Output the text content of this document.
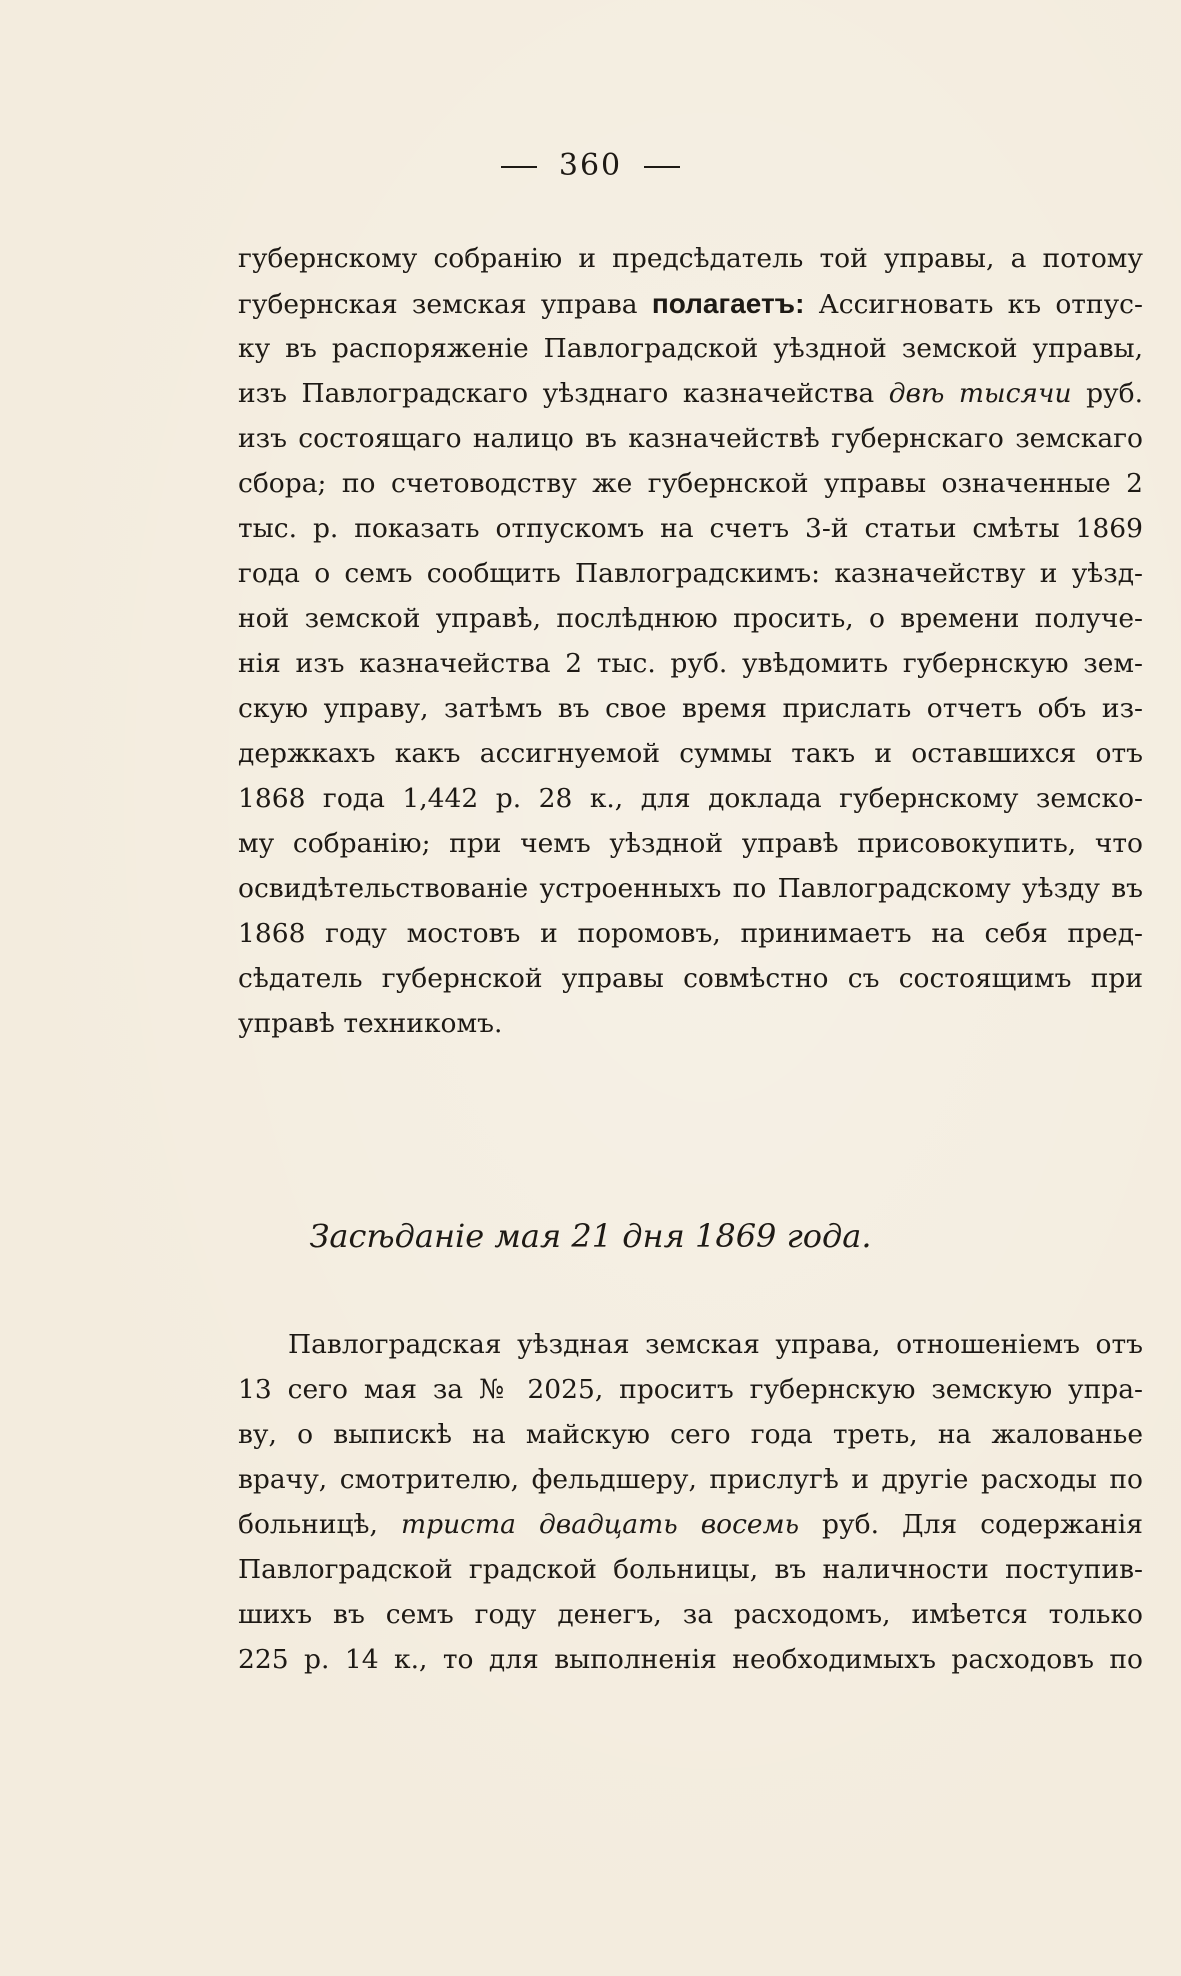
360
губернскому собранію и предсѣдатель той управы, а потому
губернская земская управа полагаетъ: Ассигновать къ отпус-
ку въ распоряженіе Павлоградской уѣздной земской управы,
изъ Павлоградскаго уѣзднаго казначейства двѣ тысячи руб.
изъ состоящаго налицо въ казначействѣ губернскаго земскаго
сбора; по счетоводству же губернской управы означенные 2
тыс. р. показать отпускомъ на счетъ 3-й статьи смѣты 1869
года о семъ сообщить Павлоградскимъ: казначейству и уѣзд-
ной земской управѣ, послѣднюю просить, о времени получе-
нія изъ казначейства 2 тыс. руб. увѣдомить губернскую зем-
скую управу, затѣмъ въ свое время прислать отчетъ объ из-
держкахъ какъ ассигнуемой суммы такъ и оставшихся отъ
1868 года 1,442 р. 28 к., для доклада губернскому земско-
му собранію; при чемъ уѣздной управѣ присовокупить, что
освидѣтельствованіе устроенныхъ по Павлоградскому уѣзду въ
1868 году мостовъ и поромовъ, принимаетъ на себя пред-
сѣдатель губернской управы совмѣстно съ состоящимъ при
управѣ техникомъ.
Засѣданіе мая 21 дня 1869 года.
Павлоградская уѣздная земская управа, отношеніемъ отъ
13 сего мая за № 2025, проситъ губернскую земскую упра-
ву, о выпискѣ на майскую сего года треть, на жалованье
врачу, смотрителю, фельдшеру, прислугѣ и другіе расходы по
больницѣ, триста двадцать восемь руб. Для содержанія
Павлоградской градской больницы, въ наличности поступив-
шихъ въ семъ году денегъ, за расходомъ, имѣется только
225 р. 14 к., то для выполненія необходимыхъ расходовъ по
